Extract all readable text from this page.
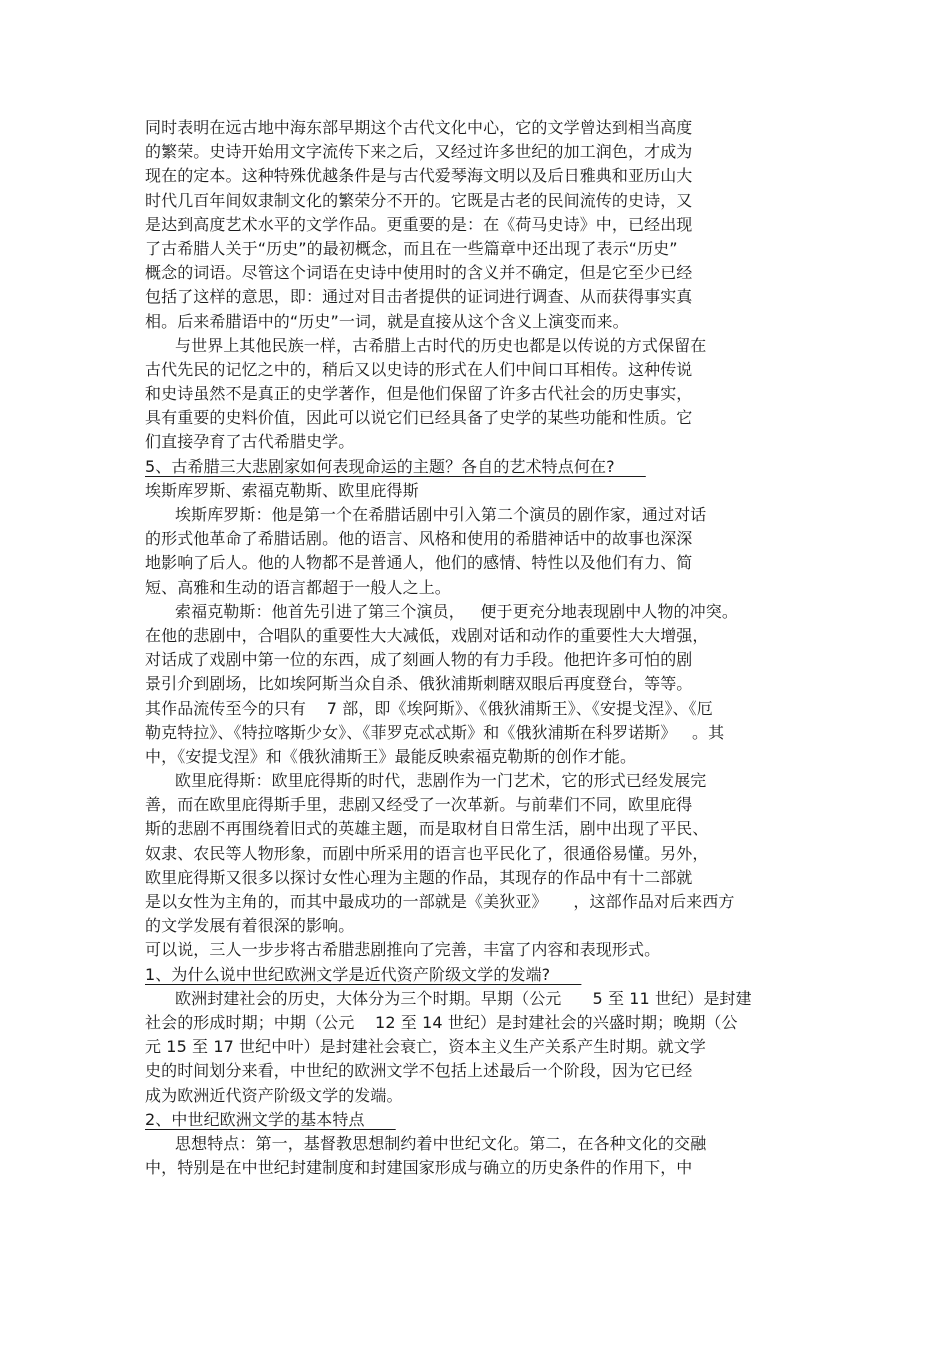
同时表明在远古地中海东部早期这个古代文化中心，它的文学曾达到相当高度
的繁荣。史诗开始用文字流传下来之后，又经过许多世纪的加工润色，才成为
现在的定本。这种特殊优越条件是与古代爱琴海文明以及后日雅典和亚历山大
时代几百年间奴隶制文化的繁荣分不开的。它既是古老的民间流传的史诗，又
是达到高度艺术水平的文学作品。更重要的是：在《荷马史诗》中，已经出现
了古希腊人关于“历史”的最初概念，而且在一些篇章中还出现了表示“历史”
概念的词语。尽管这个词语在史诗中使用时的含义并不确定，但是它至少已经
包括了这样的意思，即：通过对目击者提供的证词进行调查、从而获得事实真
相。后来希腊语中的“历史”一词，就是直接从这个含义上演变而来。
与世界上其他民族一样，古希腊上古时代的历史也都是以传说的方式保留在
古代先民的记忆之中的，稍后又以史诗的形式在人们中间口耳相传。这种传说
和史诗虽然不是真正的史学著作，但是他们保留了许多古代社会的历史事实，
具有重要的史料价值，因此可以说它们已经具备了史学的某些功能和性质。它
们直接孕育了古代希腊史学。
5、古希腊三大悲剧家如何表现命运的主题？各自的艺术特点何在?
埃斯库罗斯、索福克勒斯、欧里庇得斯
埃斯库罗斯：他是第一个在希腊话剧中引入第二个演员的剧作家，通过对话
的形式他革命了希腊话剧。他的语言、风格和使用的希腊神话中的故事也深深
地影响了后人。他的人物都不是普通人，他们的感情、特性以及他们有力、简
短、高雅和生动的语言都超于一般人之上。
索福克勒斯：他首先引进了第三个演员，   便于更充分地表现剧中人物的冲突。
在他的悲剧中，合唱队的重要性大大减低，戏剧对话和动作的重要性大大增强，
对话成了戏剧中第一位的东西，成了刻画人物的有力手段。他把许多可怕的剧
景引介到剧场，比如埃阿斯当众自杀、俄狄浦斯刺瞎双眼后再度登台，等等。
其作品流传至今的只有    7 部，即《埃阿斯》、《俄狄浦斯王》、《安提戈涅》、《厄
勒克特拉》、《特拉喀斯少女》、《菲罗克忒忒斯》和《俄狄浦斯在科罗诺斯》   。其
中，《安提戈涅》和《俄狄浦斯王》最能反映索福克勒斯的创作才能。
欧里庇得斯：欧里庇得斯的时代，悲剧作为一门艺术，它的形式已经发展完
善，而在欧里庇得斯手里，悲剧又经受了一次革新。与前辈们不同，欧里庇得
斯的悲剧不再围绕着旧式的英雄主题，而是取材自日常生活，剧中出现了平民、
奴隶、农民等人物形象，而剧中所采用的语言也平民化了，很通俗易懂。另外，
欧里庇得斯又很多以探讨女性心理为主题的作品，其现存的作品中有十二部就
是以女性为主角的，而其中最成功的一部就是《美狄亚》     ，这部作品对后来西方
的文学发展有着很深的影响。
可以说，三人一步步将古希腊悲剧推向了完善，丰富了内容和表现形式。
1、为什么说中世纪欧洲文学是近代资产阶级文学的发端?
欧洲封建社会的历史，大体分为三个时期。早期（公元      5 至 11 世纪）是封建
社会的形成时期；中期（公元    12 至 14 世纪）是封建社会的兴盛时期；晚期（公
元 15 至 17 世纪中叶）是封建社会衰亡，资本主义生产关系产生时期。就文学
史的时间划分来看，中世纪的欧洲文学不包括上述最后一个阶段，因为它已经
成为欧洲近代资产阶级文学的发端。
2、中世纪欧洲文学的基本特点
思想特点：第一，基督教思想制约着中世纪文化。第二，在各种文化的交融
中，特别是在中世纪封建制度和封建国家形成与确立的历史条件的作用下，中
